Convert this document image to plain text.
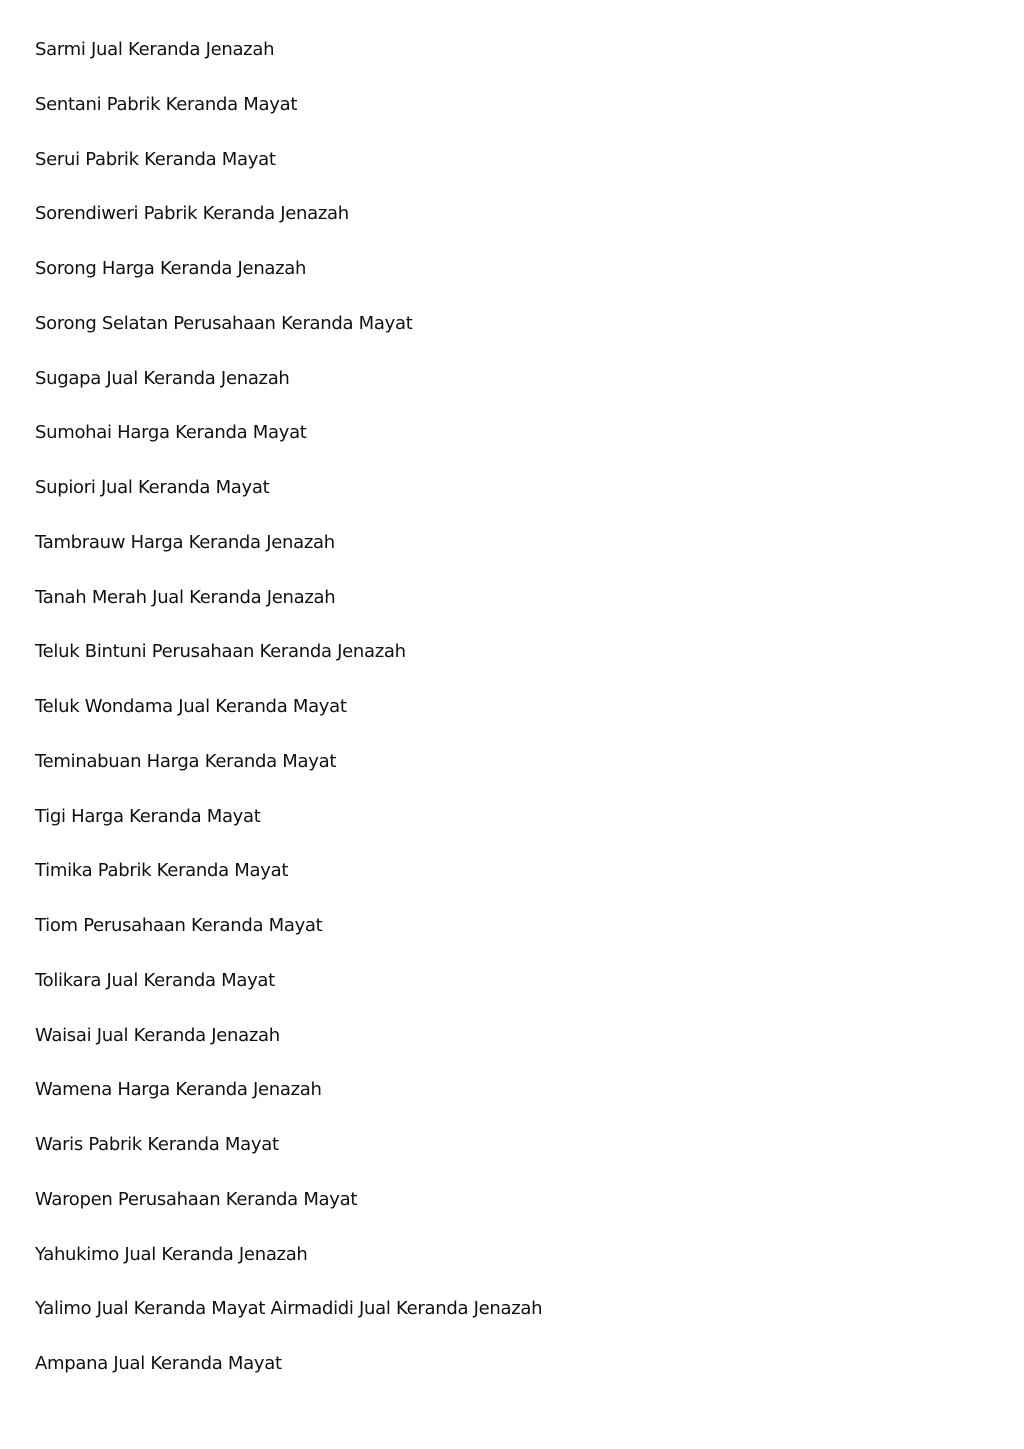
Sarmi Jual Keranda Jenazah
Sentani Pabrik Keranda Mayat
Serui Pabrik Keranda Mayat
Sorendiweri Pabrik Keranda Jenazah
Sorong Harga Keranda Jenazah
Sorong Selatan Perusahaan Keranda Mayat
Sugapa Jual Keranda Jenazah
Sumohai Harga Keranda Mayat
Supiori Jual Keranda Mayat
Tambrauw Harga Keranda Jenazah
Tanah Merah Jual Keranda Jenazah
Teluk Bintuni Perusahaan Keranda Jenazah
Teluk Wondama Jual Keranda Mayat
Teminabuan Harga Keranda Mayat
Tigi Harga Keranda Mayat
Timika Pabrik Keranda Mayat
Tiom Perusahaan Keranda Mayat
Tolikara Jual Keranda Mayat
Waisai Jual Keranda Jenazah
Wamena Harga Keranda Jenazah
Waris Pabrik Keranda Mayat
Waropen Perusahaan Keranda Mayat
Yahukimo Jual Keranda Jenazah
Yalimo Jual Keranda Mayat Airmadidi Jual Keranda Jenazah
Ampana Jual Keranda Mayat
